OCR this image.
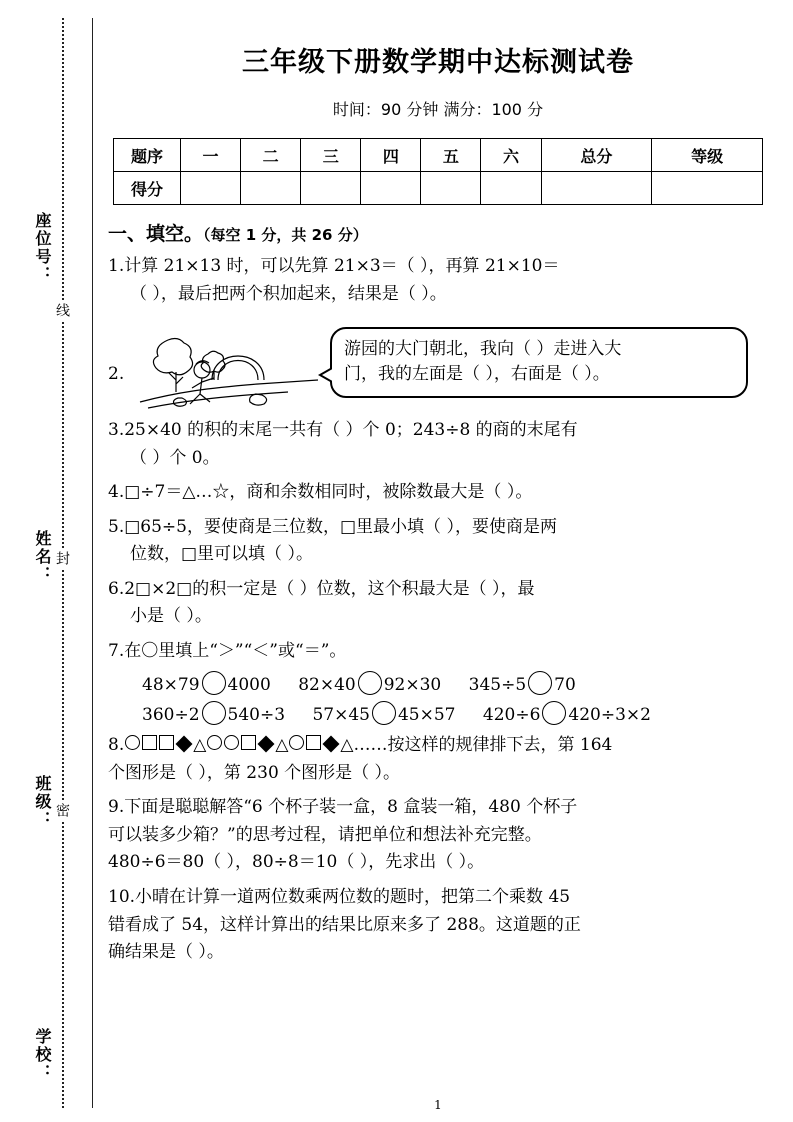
座位号：
姓名：
班级：
学校：
线
封
密
三年级下册数学期中达标测试卷
时间：90 分钟 满分：100 分
题序	一	二	三	四	五	六	总分	等级
得分								
一、填空。（每空 1 分，共 26 分）
1.计算 21×13 时，可以先算 21×3＝（ ），再算 21×10＝
（ ），最后把两个积加起来，结果是（ ）。
2.
游园的大门朝北，我向（ ）走进入大
门，我的左面是（ ），右面是（ ）。
3.25×40 的积的末尾一共有（ ）个 0；243÷8 的商的末尾有
（ ）个 0。
4.□÷7＝△…☆，商和余数相同时，被除数最大是（ ）。
5.□65÷5，要使商是三位数，□里最小填（ ），要使商是两
位数，□里可以填（ ）。
6.2□×2□的积一定是（ ）位数，这个积最大是（ ），最
小是（ ）。
7.在〇里填上“＞”“＜”或“＝”。
48×79 4000 82×40 92×30 345÷5 70
360÷2 540÷3 57×45 45×57 420÷6 420÷3×2
8.	△	△	△……按这样的规律排下去，第 164
个图形是（ ），第 230 个图形是（ ）。
9.下面是聪聪解答“6 个杯子装一盒，8 盒装一箱，480 个杯子
可以装多少箱？”的思考过程，请把单位和想法补充完整。
480÷6＝80（ ），80÷8＝10（ ），先求出（ ）。
10.小晴在计算一道两位数乘两位数的题时，把第二个乘数 45
错看成了 54，这样计算出的结果比原来多了 288。这道题的正
确结果是（ ）。
1
